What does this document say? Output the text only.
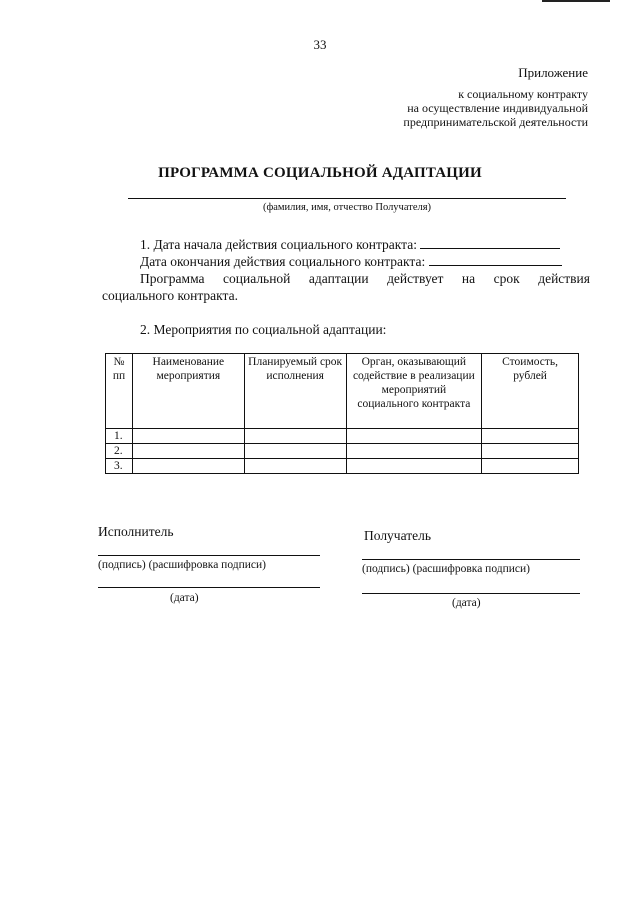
33
Приложение
к социальному контракту
на осуществление индивидуальной
предпринимательской деятельности
ПРОГРАММА СОЦИАЛЬНОЙ АДАПТАЦИИ
(фамилия, имя, отчество Получателя)
1. Дата начала действия социального контракта:
Дата окончания действия социального контракта:
Программа социальной адаптации действует на срок действия
социального контракта.
2. Мероприятия по социальной адаптации:
№ пп	Наименование мероприятия	Планируемый срок исполнения	Орган, оказывающий содействие в реализации мероприятий социального контракта	Стоимость, рублей
1.				
2.				
3.				
Исполнитель
(подпись) (расшифровка подписи)
(дата)
Получатель
(подпись) (расшифровка подписи)
(дата)
